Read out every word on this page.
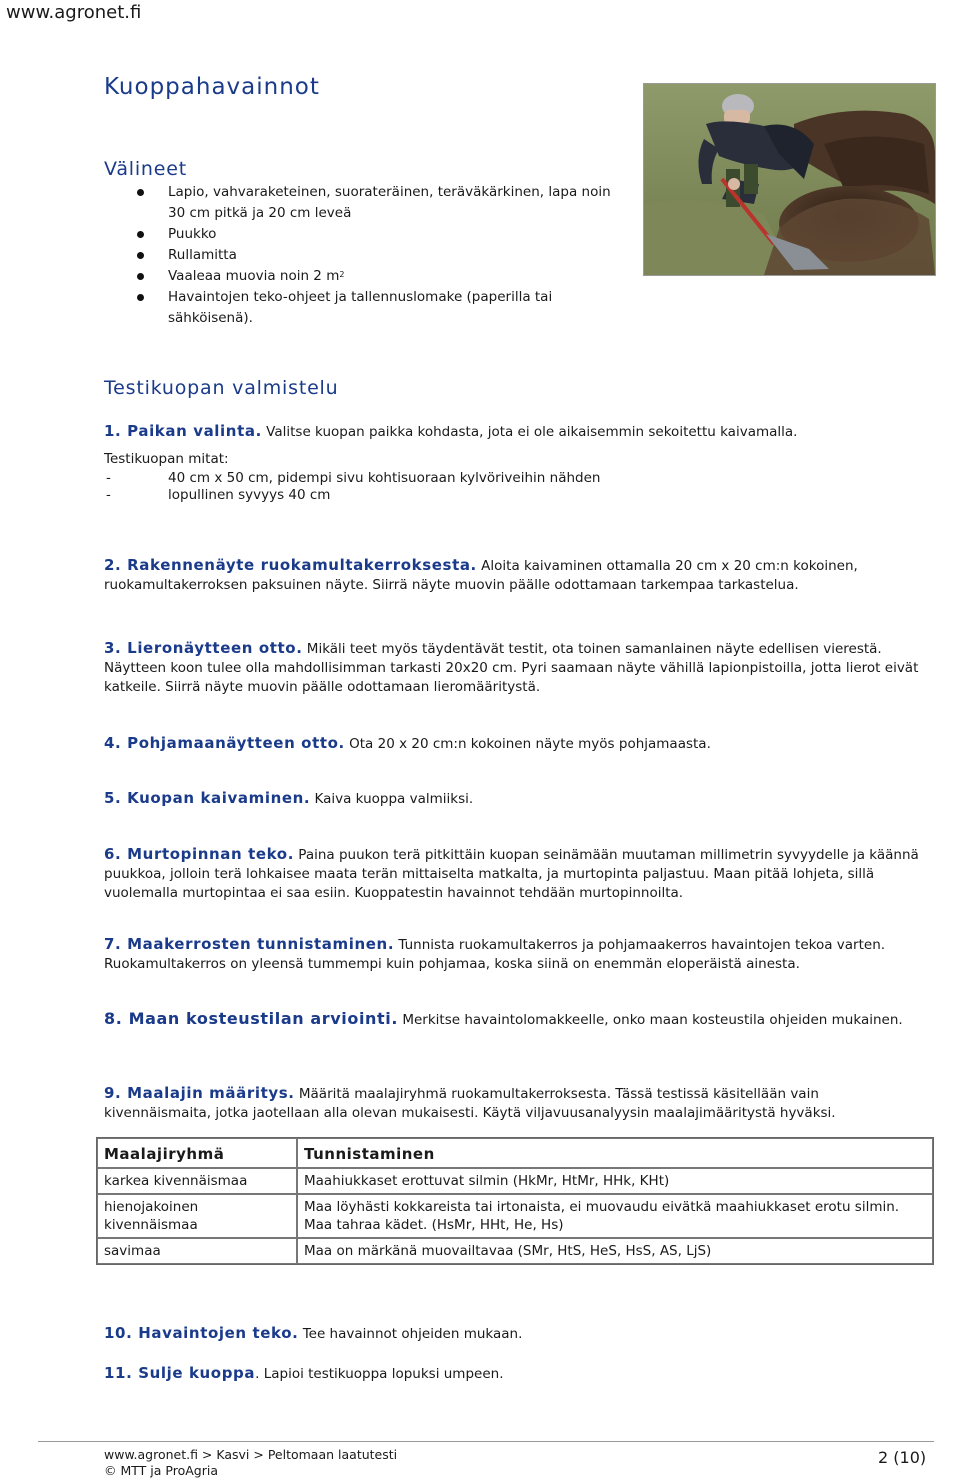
www.agronet.fi
Kuoppahavainnot
Välineet
Lapio, vahvaraketeinen, suorateräinen, teräväkärkinen, lapa noin 30 cm pitkä ja 20 cm leveä
Puukko
Rullamitta
Vaaleaa muovia noin 2 $m^2$
Havaintojen teko-ohjeet ja tallennuslomake (paperilla tai sähköisenä).
Testikuopan valmistelu
1. Paikan valinta. Valitse kuopan paikka kohdasta, jota ei ole aikaisemmin sekoitettu kaivamalla.
Testikuopan mitat:
-	40 cm x 50 cm, pidempi sivu kohtisuoraan kylvöriveihin nähden
-	lopullinen syvyys 40 cm
2. Rakennenäyte ruokamultakerroksesta. Aloita kaivaminen ottamalla 20 cm x 20 cm:n kokoinen, ruokamultakerroksen paksuinen näyte. Siirrä näyte muovin päälle odottamaan tarkempaa tarkastelua.
3. Lieronäytteen otto. Mikäli teet myös täydentävät testit, ota toinen samanlainen näyte edellisen vierestä. Näytteen koon tulee olla mahdollisimman tarkasti 20x20 cm. Pyri saamaan näyte vähillä lapionpistoilla, jotta lierot eivät katkeile. Siirrä näyte muovin päälle odottamaan lieromääritystä.
4. Pohjamaanäytteen otto. Ota 20 x 20 cm:n kokoinen näyte myös pohjamaasta.
5. Kuopan kaivaminen. Kaiva kuoppa valmiiksi.
6. Murtopinnan teko. Paina puukon terä pitkittäin kuopan seinämään muutaman millimetrin syvyydelle ja käännä puukkoa, jolloin terä lohkaisee maata terän mittaiselta matkalta, ja murtopinta paljastuu. Maan pitää lohjeta, sillä vuolemalla murtopintaa ei saa esiin. Kuoppatestin havainnot tehdään murtopinnoilta.
7. Maakerrosten tunnistaminen. Tunnista ruokamultakerros ja pohjamaakerros havaintojen tekoa varten. Ruokamultakerros on yleensä tummempi kuin pohjamaa, koska siinä on enemmän eloperäistä ainesta.
8. Maan kosteustilan arviointi. Merkitse havaintolomakkeelle, onko maan kosteustila ohjeiden mukainen.
9. Maalajin määritys. Määritä maalajiryhmä ruokamultakerroksesta. Tässä testissä käsitellään vain kivennäismaita, jotka jaotellaan alla olevan mukaisesti. Käytä viljavuusanalyysin maalajimääritystä hyväksi.
Maalajiryhmä	Tunnistaminen
karkea kivennäismaa	Maahiukkaset erottuvat silmin (HkMr, HtMr, HHk, KHt)
hienojakoinen kivennäismaa	Maa löyhästi kokkareista tai irtonaista, ei muovaudu eivätkä maahiukkaset erotu silmin. Maa tahraa kädet. (HsMr, HHt, He, Hs)
savimaa	Maa on märkänä muovailtavaa (SMr, HtS, HeS, HsS, AS, LjS)
10. Havaintojen teko. Tee havainnot ohjeiden mukaan.
11. Sulje kuoppa. Lapioi testikuoppa lopuksi umpeen.
www.agronet.fi > Kasvi > Peltomaan laatutesti
© MTT ja ProAgria
2 (10)
